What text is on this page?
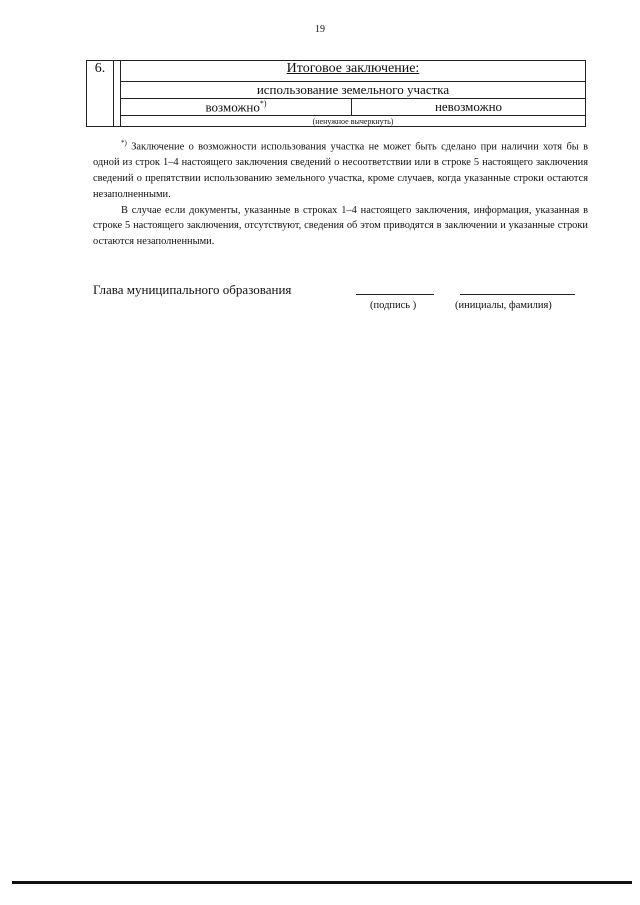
19
6.		Итоговое заключение:	
		использование земельного участка	
		возможно*)	невозможно
		(ненужное вычеркнуть)	

*) Заключение о возможности использования участка не может быть сделано при наличии хотя бы в одной из строк 1–4 настоящего заключения сведений о несоответствии или в строке 5 настоящего заключения сведений о препятствии использованию земельного участка, кроме случаев, когда указанные строки остаются незаполненными.

В случае если документы, указанные в строках 1–4 настоящего заключения, информация, указанная в строке 5 настоящего заключения, отсутствуют, сведения об этом приводятся в заключении и указанные строки остаются незаполненными.

Глава муниципального образования
(подпись )	(инициалы, фамилия)
